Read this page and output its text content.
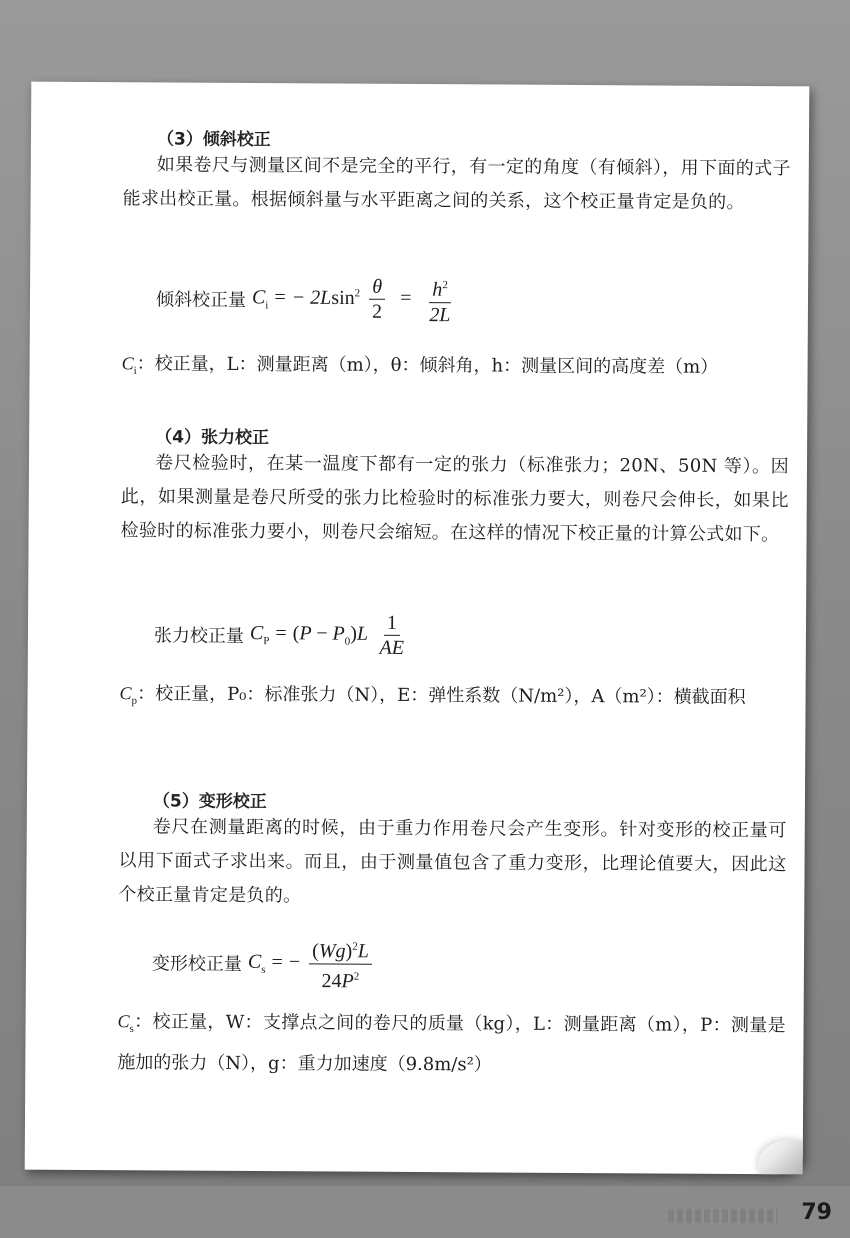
（3）倾斜校正

如果卷尺与测量区间不是完全的平行，有一定的角度（有倾斜），用下面的式子能求出校正量。根据倾斜量与水平距离之间的关系，这个校正量肯定是负的。

倾斜校正量 $C_i$ = − $2Lsin^2 \frac{\theta}{2} = \frac{h^2}{2L}$

$C_i$：校正量，L：测量距离（m），θ：倾斜角，h：测量区间的高度差（m）

（4）张力校正

卷尺检验时，在某一温度下都有一定的张力（标准张力；20N、50N 等）。因此，如果测量是卷尺所受的张力比检验时的标准张力要大，则卷尺会伸长，如果比检验时的标准张力要小，则卷尺会缩短。在这样的情况下校正量的计算公式如下。

张力校正量 $C_P = (P - P_0)L \frac{1}{AE}$

$C_p$：校正量，P₀：标准张力（N），E：弹性系数（N/m²），A（m²）：横截面积

（5）变形校正

卷尺在测量距离的时候，由于重力作用卷尺会产生变形。针对变形的校正量可以用下面式子求出来。而且，由于测量值包含了重力变形，比理论值要大，因此这个校正量肯定是负的。

变形校正量 $C_s$ = − $\frac{(Wg)^2L}{24P^2}$

$C_s$：校正量，W：支撑点之间的卷尺的质量（kg），L：测量距离（m），P：测量是施加的张力（N），g：重力加速度（9.8m/s²）

79
